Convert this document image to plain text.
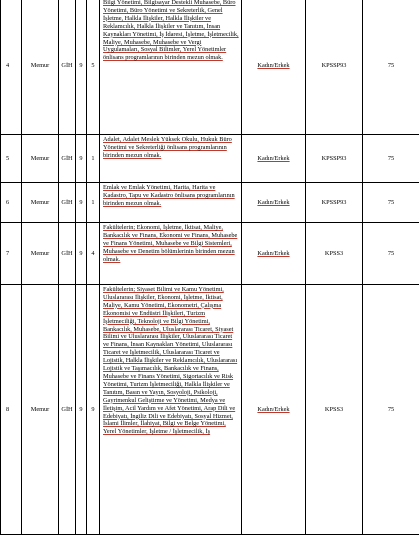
4	Memur	GİH	9	5	Bilgi Yönetimi, Bilgisayar Destekli Muhasebe, Büro Yönetimi, Büro Yönetimi ve Sekreterlik, Genel İşletme, Halkla İlişkiler, Halkla İlişkiler ve Reklamcılık, Halkla İlişkiler ve Tanıtım, İnsan Kaynakları Yönetimi, İş İdaresi, İşletme, İşletmecilik, Maliye, Muhasebe, Muhasebe ve Vergi Uygulamaları, Sosyal Bilimler, Yerel Yönetimler önlisans programlarının birinden mezun olmak.	Kadın/Erkek	KPSSP93	75
5	Memur	GİH	9	1	Adalet, Adalet Meslek Yüksek Okulu, Hukuk Büro Yönetimi ve Sekreterliği önlisans programlarının birinden mezun olmak.	Kadın/Erkek	KPSSP93	75
6	Memur	GİH	9	1	Emlak ve Emlak Yönetimi, Harita, Harita ve Kadastro, Tapu ve Kadastro önlisans programlarının birinden mezun olmak.	Kadın/Erkek	KPSSP93	75
7	Memur	GİH	9	4	Fakültelerin; Ekonomi, İşletme, İktisat, Maliye, Bankacılık ve Finans, Ekonomi ve Finans, Muhasebe ve Finans Yönetimi, Muhasebe ve Bilgi Sistemleri, Muhasebe ve Denetim bölümlerinin birinden mezun olmak.	Kadın/Erkek	KPSS3	75
8	Memur	GİH	9	9	Fakültelerin; Siyaset Bilimi ve Kamu Yönetimi, Uluslararası İlişkiler, Ekonomi, İşletme, İktisat, Maliye, Kamu Yönetimi, Ekonometri, Çalışma Ekonomisi ve Endüstri İlişkileri, Turizm İşletmeciliği, Teknoloji ve Bilgi Yönetimi, Bankacılık, Muhasebe, Uluslararası Ticaret, Siyaset Bilimi ve Uluslararası İlişkiler, Uluslararası Ticaret ve Finans, İnsan Kaynakları Yönetimi, Uluslararası Ticaret ve İşletmecilik, Uluslararası Ticaret ve Lojistik, Halkla İlişkiler ve Reklamcılık, Uluslararası Lojistik ve Taşımacılık, Bankacılık ve Finans, Muhasebe ve Finans Yönetimi, Sigortacılık ve Risk Yönetimi, Turizm İşletmeciliği, Halkla İlişkiler ve Tanıtım, Basın ve Yayın, Sosyoloji, Psikoloji, Gayrimenkul Geliştirme ve Yönetimi, Medya ve İletişim, Acil Yardım ve Afet Yönetimi, Arap Dili ve Edebiyatı, İngiliz Dili ve Edebiyatı, Sosyal Hizmet, İslami İlimler, İlahiyat, Bilgi ve Belge Yönetimi, Yerel Yönetimler, İşletme / İşletmecilik, İş	Kadın/Erkek	KPSS3	75
